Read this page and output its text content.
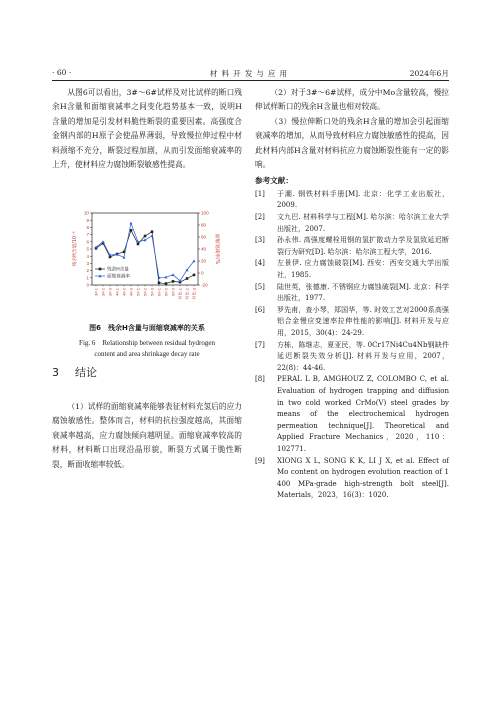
· 60 ·	材料开发与应用	2024年6月

从图6可以看出，3#～6#试样及对比试样的断口残余H含量和面缩衰减率之间变化趋势基本一致，说明H含量的增加是引发材料脆性断裂的重要因素。高强度合金钢内部的H原子会使晶界薄弱，导致慢拉伸过程中材料颈缩不充分，断裂过程加剧，从而引发面缩衰减率的上升，使材料应力腐蚀断裂敏感性提高。

0
1
2
3
4
5
6
7
8
9
10
-20
0
20
40
60
80
100
3#-1 3#-2 3#-3 4#-1 4#-2 4#-3 5#-1 5#-2 5#-3 6#-1 6#-2 6#-3 对比-1 对比-2 对比-3
残余H含量/10⁻⁶	面缩衰减率/%
残余H含量
面缩衰减率
图6　残余H含量与面缩衰减率的关系
Fig. 6　Relationship between residual hydrogen
content and area shrinkage decay rate
3 结论

（1）试样的面缩衰减率能够表征材料充氢后的应力腐蚀敏感性。整体而言，材料的抗拉强度越高，其面缩衰减率越高，应力腐蚀倾向越明显。面缩衰减率较高的材料，材料断口出现沿晶形貌，断裂方式属于脆性断裂，断面收缩率较低。

（2）对于3#～6#试样，成分中Mo含量较高，慢拉伸试样断口的残余H含量也相对较高。

（3）慢拉伸断口处的残余H含量的增加会引起面缩衰减率的增加，从而导致材料应力腐蚀敏感性的提高，因此材料内部H含量对材料抗应力腐蚀断裂性能有一定的影响。

参考文献：
[1] 于潮. 钢铁材料手册[M]. 北京：化学工业出版社，2009.
[2] 文九巴. 材料科学与工程[M]. 哈尔滨：哈尔滨工业大学出版社，2007.
[3] 孙永伟. 高强度螺栓用钢的氢扩散动力学及氢致延迟断裂行为研究[D]. 哈尔滨：哈尔滨工程大学，2016.
[4] 左景伊. 应力腐蚀破裂[M]. 西安：西安交通大学出版社，1985.
[5] 陆世英，张德康. 不锈钢应力腐蚀破裂[M]. 北京：科学出版社，1977.
[6] 罗先甫，查小琴，郑国华，等. 时效工艺对2000系高强铝合金慢应变速率拉伸性能的影响[J]. 材料开发与应用，2015，30(4)：24-29.
[7] 方栋，陈继志，夏亚民，等. 0Cr17Ni4Cu4Nb钢缺件延迟断裂失效分析[J]. 材料开发与应用，2007，22(8)：44-46.
[8] PERAL L B, AMGHOUZ Z, COLOMBO C, et al. Evaluation of hydrogen trapping and diffusion in two cold worked CrMo(V) steel grades by means of the electrochemical hydrogen permeation technique[J]. Theoretical and Applied Fracture Mechanics，2020，110：102771.
[9] XIONG X L, SONG K K, LI J X, et al. Effect of Mo content on hydrogen evolution reaction of 1 400 MPa-grade high-strength bolt steel[J]. Materials，2023，16(3)：1020.
